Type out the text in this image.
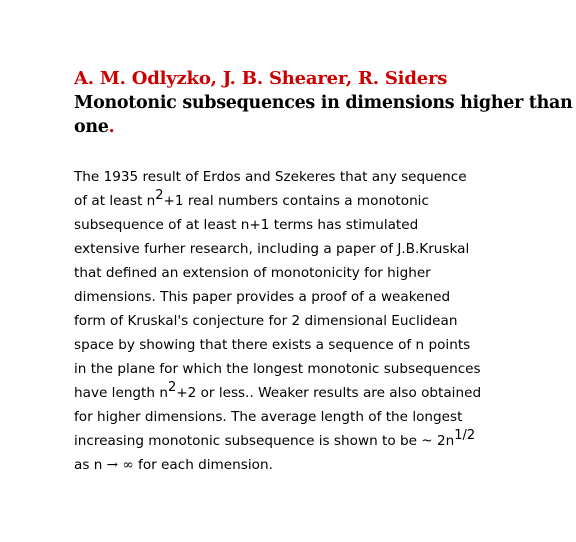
A. M. Odlyzko, J. B. Shearer, R. Siders
Monotonic subsequences in dimensions higher than
one.
The 1935 result of Erdos and Szekeres that any sequence
of at least $n^2+1$ real numbers contains a monotonic
subsequence of at least n+1 terms has stimulated
extensive furher research, including a paper of J.B.Kruskal
that defined an extension of monotonicity for higher
dimensions. This paper provides a proof of a weakened
form of Kruskal's conjecture for 2 dimensional Euclidean
space by showing that there exists a sequence of n points
in the plane for which the longest monotonic subsequences
have length $n^2+2$ or less.. Weaker results are also obtained
for higher dimensions. The average length of the longest
increasing monotonic subsequence is shown to be ~ $2n^{1/2}$
as n → ∞ for each dimension.
